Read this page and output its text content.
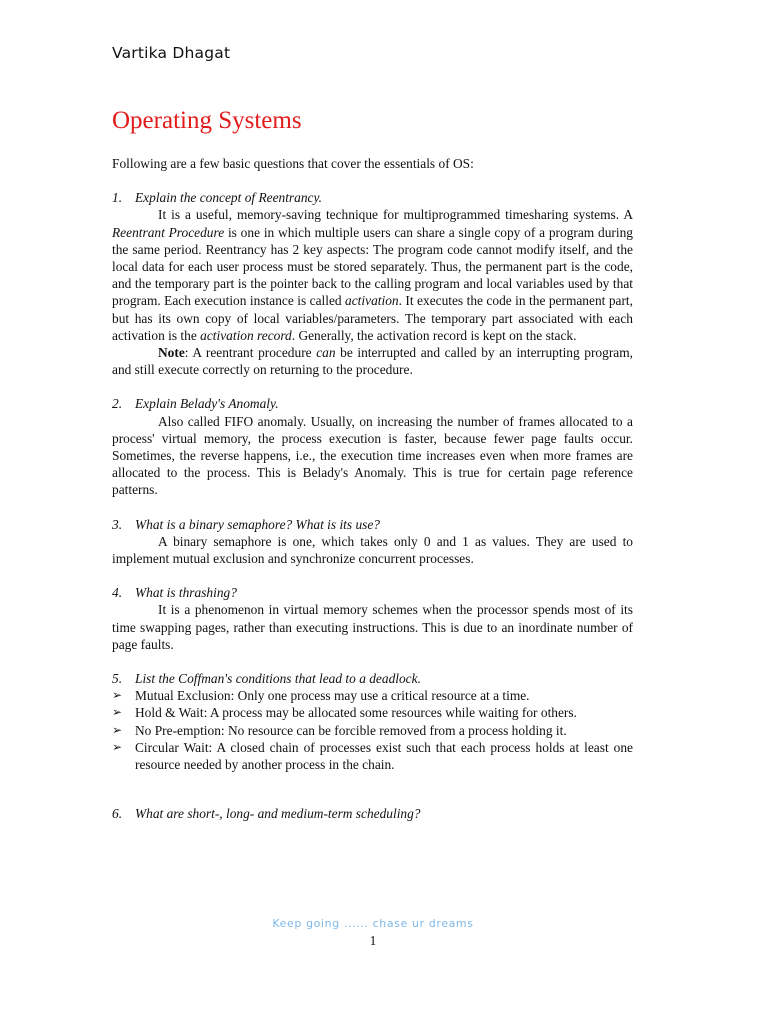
Vartika Dhagat
Operating Systems

Following are a few basic questions that cover the essentials of OS:

1. Explain the concept of Reentrancy.

It is a useful, memory-saving technique for multiprogrammed timesharing systems. A Reentrant Procedure is one in which multiple users can share a single copy of a program during the same period. Reentrancy has 2 key aspects: The program code cannot modify itself, and the local data for each user process must be stored separately. Thus, the permanent part is the code, and the temporary part is the pointer back to the calling program and local variables used by that program. Each execution instance is called activation. It executes the code in the permanent part, but has its own copy of local variables/parameters. The temporary part associated with each activation is the activation record. Generally, the activation record is kept on the stack.

Note: A reentrant procedure can be interrupted and called by an interrupting program, and still execute correctly on returning to the procedure.

2. Explain Belady's Anomaly.

Also called FIFO anomaly. Usually, on increasing the number of frames allocated to a process' virtual memory, the process execution is faster, because fewer page faults occur. Sometimes, the reverse happens, i.e., the execution time increases even when more frames are allocated to the process. This is Belady's Anomaly. This is true for certain page reference patterns.

3. What is a binary semaphore? What is its use?

A binary semaphore is one, which takes only 0 and 1 as values. They are used to implement mutual exclusion and synchronize concurrent processes.

4. What is thrashing?

It is a phenomenon in virtual memory schemes when the processor spends most of its time swapping pages, rather than executing instructions. This is due to an inordinate number of page faults.

5. List the Coffman's conditions that lead to a deadlock.

➢ Mutual Exclusion: Only one process may use a critical resource at a time.
➢ Hold & Wait: A process may be allocated some resources while waiting for others.
➢ No Pre-emption: No resource can be forcible removed from a process holding it.
➢ Circular Wait: A closed chain of processes exist such that each process holds at least one resource needed by another process in the chain.

6. What are short-, long- and medium-term scheduling?

Keep going ...... chase ur dreams
1
